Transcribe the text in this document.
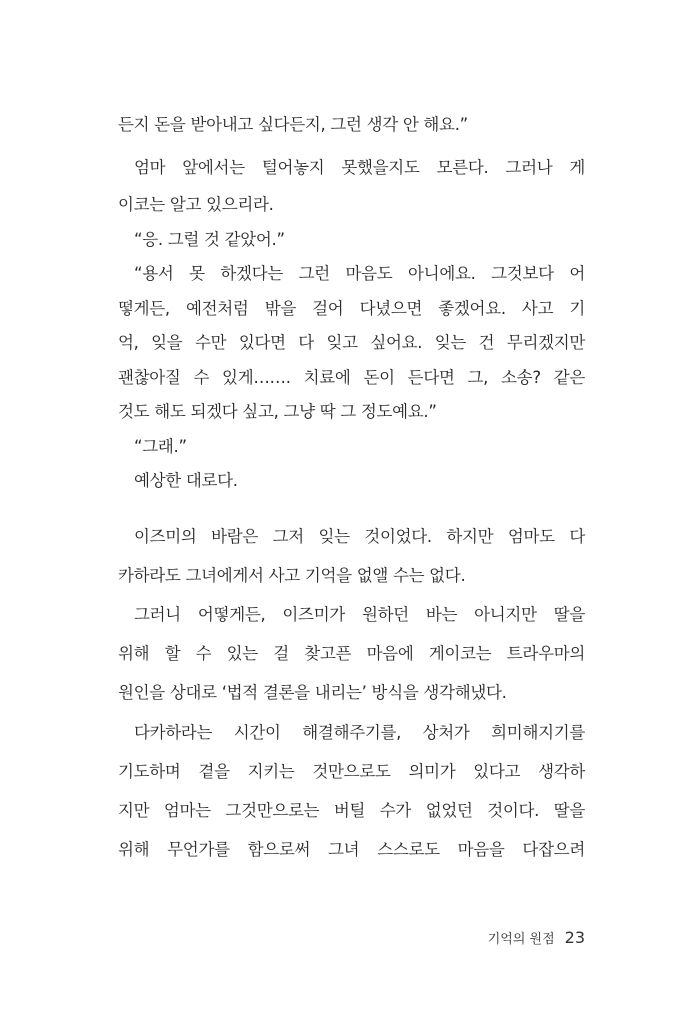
든지 돈을 받아내고 싶다든지, 그런 생각 안 해요.”
엄마 앞에서는 털어놓지 못했을지도 모른다. 그러나 게
이코는 알고 있으리라.
“응. 그럴 것 같았어.”
“용서 못 하겠다는 그런 마음도 아니에요. 그것보다 어
떻게든, 예전처럼 밖을 걸어 다녔으면 좋겠어요. 사고 기
억, 잊을 수만 있다면 다 잊고 싶어요. 잊는 건 무리겠지만
괜찮아질 수 있게……. 치료에 돈이 든다면 그, 소송? 같은
것도 해도 되겠다 싶고, 그냥 딱 그 정도예요.”
“그래.”
예상한 대로다.
이즈미의 바람은 그저 잊는 것이었다. 하지만 엄마도 다
카하라도 그녀에게서 사고 기억을 없앨 수는 없다.
그러니 어떻게든, 이즈미가 원하던 바는 아니지만 딸을
위해 할 수 있는 걸 찾고픈 마음에 게이코는 트라우마의
원인을 상대로 ‘법적 결론을 내리는’ 방식을 생각해냈다.
다카하라는 시간이 해결해주기를, 상처가 희미해지기를
기도하며 곁을 지키는 것만으로도 의미가 있다고 생각하
지만 엄마는 그것만으로는 버틸 수가 없었던 것이다. 딸을
위해 무언가를 함으로써 그녀 스스로도 마음을 다잡으려
기억의 원점 23
